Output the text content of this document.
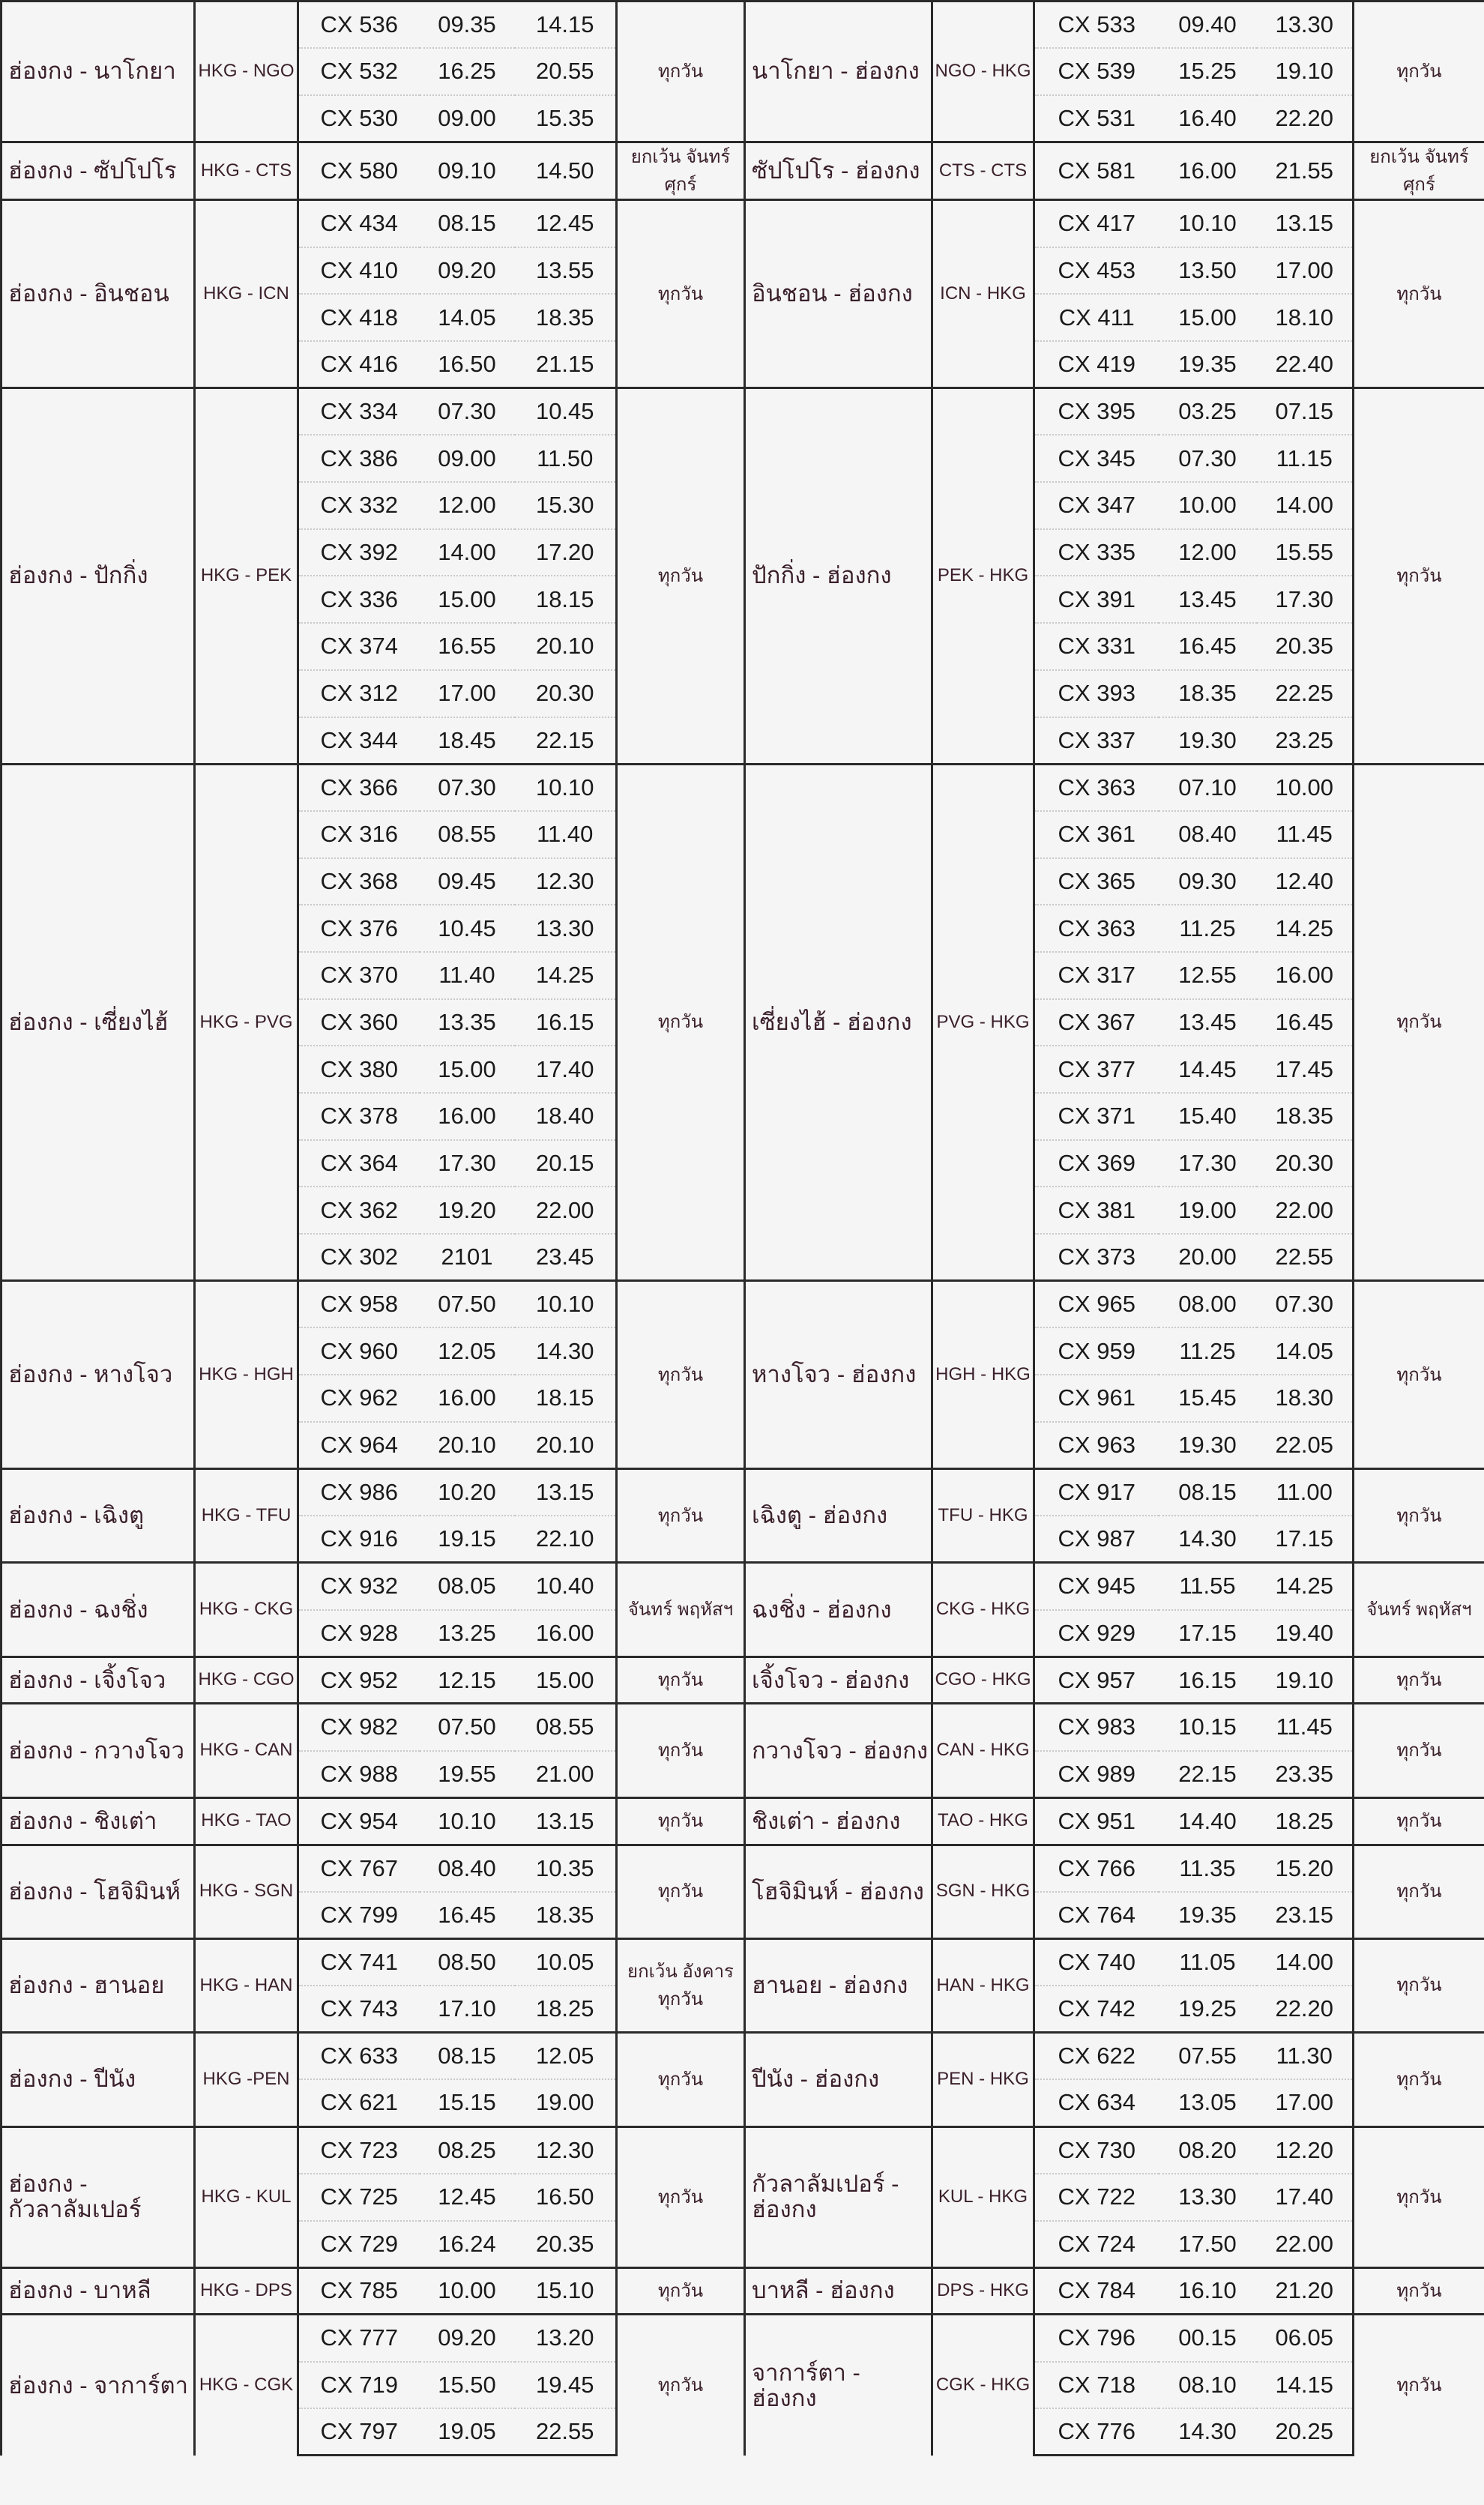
ฮ่องกง - นาโกยา	HKG - NGO	CX 536	09.35	14.15	ทุกวัน	นาโกยา - ฮ่องกง	NGO - HKG	CX 533	09.40	13.30	ทุกวัน
		CX 532	16.25	20.55				CX 539	15.25	19.10	
		CX 530	09.00	15.35				CX 531	16.40	22.20	
ฮ่องกง - ซัปโปโร	HKG - CTS	CX 580	09.10	14.50	ยกเว้น จันทร์ ศุกร์	ซัปโปโร - ฮ่องกง	CTS - CTS	CX 581	16.00	21.55	ยกเว้น จันทร์ ศุกร์
ฮ่องกง - อินชอน	HKG - ICN	CX 434	08.15	12.45	ทุกวัน	อินชอน - ฮ่องกง	ICN - HKG	CX 417	10.10	13.15	ทุกวัน
		CX 410	09.20	13.55				CX 453	13.50	17.00	
		CX 418	14.05	18.35				CX 411	15.00	18.10	
		CX 416	16.50	21.15				CX 419	19.35	22.40	
ฮ่องกง - ปักกิ่ง	HKG - PEK	CX 334	07.30	10.45	ทุกวัน	ปักกิ่ง - ฮ่องกง	PEK - HKG	CX 395	03.25	07.15	ทุกวัน
		CX 386	09.00	11.50				CX 345	07.30	11.15	
		CX 332	12.00	15.30				CX 347	10.00	14.00	
		CX 392	14.00	17.20				CX 335	12.00	15.55	
		CX 336	15.00	18.15				CX 391	13.45	17.30	
		CX 374	16.55	20.10				CX 331	16.45	20.35	
		CX 312	17.00	20.30				CX 393	18.35	22.25	
		CX 344	18.45	22.15				CX 337	19.30	23.25	
ฮ่องกง - เซี่ยงไฮ้	HKG - PVG	CX 366	07.30	10.10	ทุกวัน	เซี่ยงไฮ้ - ฮ่องกง	PVG - HKG	CX 363	07.10	10.00	ทุกวัน
		CX 316	08.55	11.40				CX 361	08.40	11.45	
		CX 368	09.45	12.30				CX 365	09.30	12.40	
		CX 376	10.45	13.30				CX 363	11.25	14.25	
		CX 370	11.40	14.25				CX 317	12.55	16.00	
		CX 360	13.35	16.15				CX 367	13.45	16.45	
		CX 380	15.00	17.40				CX 377	14.45	17.45	
		CX 378	16.00	18.40				CX 371	15.40	18.35	
		CX 364	17.30	20.15				CX 369	17.30	20.30	
		CX 362	19.20	22.00				CX 381	19.00	22.00	
		CX 302	2101	23.45				CX 373	20.00	22.55	
ฮ่องกง - หางโจว	HKG - HGH	CX 958	07.50	10.10	ทุกวัน	หางโจว - ฮ่องกง	HGH - HKG	CX 965	08.00	07.30	ทุกวัน
		CX 960	12.05	14.30				CX 959	11.25	14.05	
		CX 962	16.00	18.15				CX 961	15.45	18.30	
		CX 964	20.10	20.10				CX 963	19.30	22.05	
ฮ่องกง - เฉิงตู	HKG - TFU	CX 986	10.20	13.15	ทุกวัน	เฉิงตู - ฮ่องกง	TFU - HKG	CX 917	08.15	11.00	ทุกวัน
		CX 916	19.15	22.10				CX 987	14.30	17.15	
ฮ่องกง - ฉงชิ่ง	HKG - CKG	CX 932	08.05	10.40	จันทร์ พฤหัสฯ	ฉงชิ่ง - ฮ่องกง	CKG - HKG	CX 945	11.55	14.25	จันทร์ พฤหัสฯ
		CX 928	13.25	16.00				CX 929	17.15	19.40	
ฮ่องกง - เจิ้งโจว	HKG - CGO	CX 952	12.15	15.00	ทุกวัน	เจิ้งโจว - ฮ่องกง	CGO - HKG	CX 957	16.15	19.10	ทุกวัน
ฮ่องกง - กวางโจว	HKG - CAN	CX 982	07.50	08.55	ทุกวัน	กวางโจว - ฮ่องกง	CAN - HKG	CX 983	10.15	11.45	ทุกวัน
		CX 988	19.55	21.00				CX 989	22.15	23.35	
ฮ่องกง - ชิงเต่า	HKG - TAO	CX 954	10.10	13.15	ทุกวัน	ชิงเต่า - ฮ่องกง	TAO - HKG	CX 951	14.40	18.25	ทุกวัน
ฮ่องกง - โฮจิมินห์	HKG - SGN	CX 767	08.40	10.35	ทุกวัน	โฮจิมินห์ - ฮ่องกง	SGN - HKG	CX 766	11.35	15.20	ทุกวัน
		CX 799	16.45	18.35				CX 764	19.35	23.15	
ฮ่องกง - ฮานอย	HKG - HAN	CX 741	08.50	10.05	ยกเว้น อังคาร ทุกวัน	ฮานอย - ฮ่องกง	HAN - HKG	CX 740	11.05	14.00	ทุกวัน
		CX 743	17.10	18.25				CX 742	19.25	22.20	
ฮ่องกง - ปีนัง	HKG -PEN	CX 633	08.15	12.05	ทุกวัน	ปีนัง - ฮ่องกง	PEN - HKG	CX 622	07.55	11.30	ทุกวัน
		CX 621	15.15	19.00				CX 634	13.05	17.00	
ฮ่องกง - กัวลาลัมเปอร์	HKG - KUL	CX 723	08.25	12.30	ทุกวัน	กัวลาลัมเปอร์ - ฮ่องกง	KUL - HKG	CX 730	08.20	12.20	ทุกวัน
		CX 725	12.45	16.50				CX 722	13.30	17.40	
		CX 729	16.24	20.35				CX 724	17.50	22.00	
ฮ่องกง - บาหลี	HKG - DPS	CX 785	10.00	15.10	ทุกวัน	บาหลี - ฮ่องกง	DPS - HKG	CX 784	16.10	21.20	ทุกวัน
ฮ่องกง - จาการ์ตา	HKG - CGK	CX 777	09.20	13.20	ทุกวัน	จาการ์ตา - ฮ่องกง	CGK - HKG	CX 796	00.15	06.05	ทุกวัน
		CX 719	15.50	19.45				CX 718	08.10	14.15	
		CX 797	19.05	22.55				CX 776	14.30	20.25	
